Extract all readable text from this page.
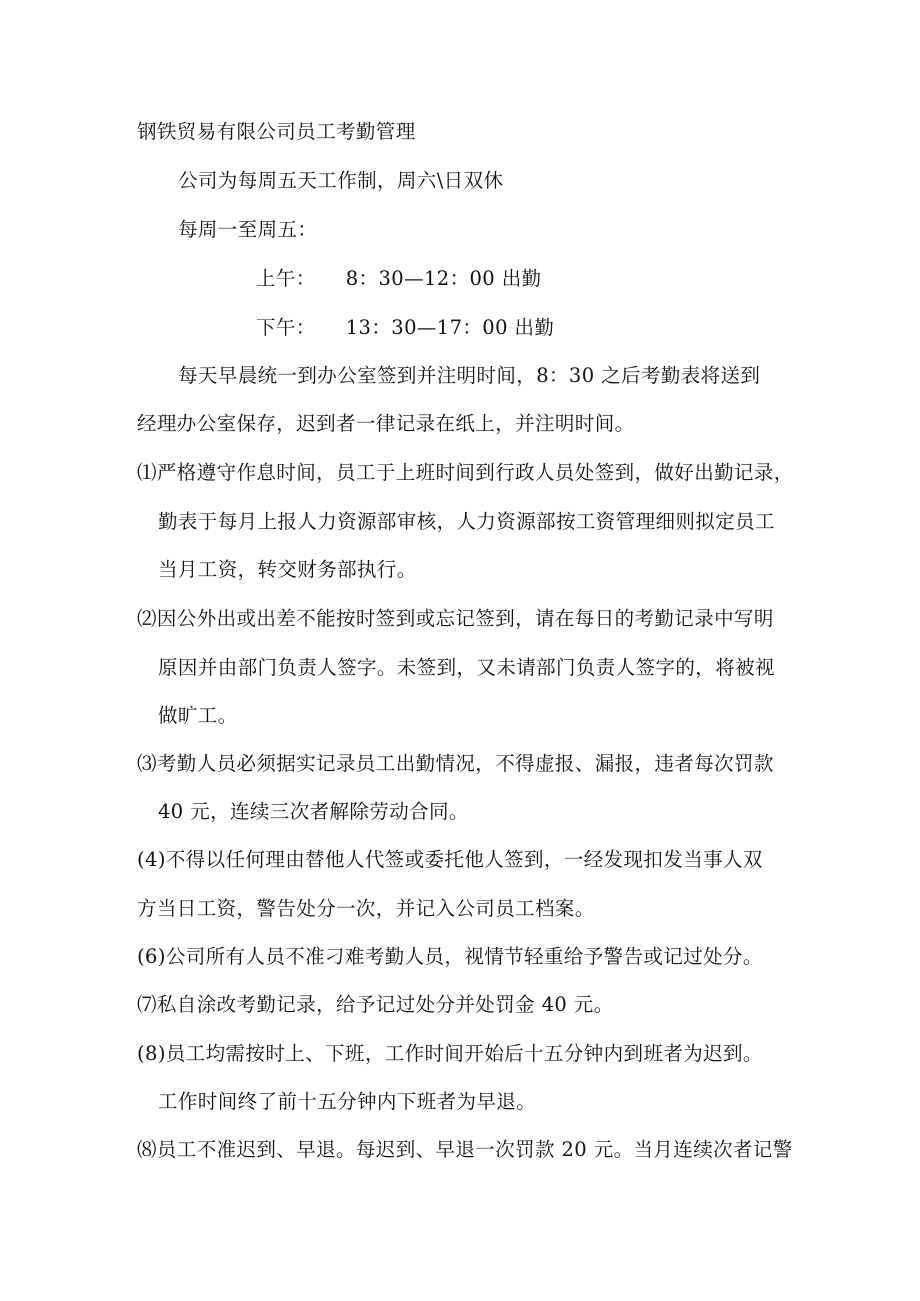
钢铁贸易有限公司员工考勤管理
公司为每周五天工作制，周六\日双休
每周一至周五：
上午：　　8：30—12：00 出勤
下午：　　13：30—17：00 出勤
每天早晨统一到办公室签到并注明时间，8：30 之后考勤表将送到
经理办公室保存，迟到者一律记录在纸上，并注明时间。
⑴严格遵守作息时间，员工于上班时间到行政人员处签到，做好出勤记录，
勤表于每月上报人力资源部审核，人力资源部按工资管理细则拟定员工
当月工资，转交财务部执行。
⑵因公外出或出差不能按时签到或忘记签到，请在每日的考勤记录中写明
原因并由部门负责人签字。未签到，又未请部门负责人签字的，将被视
做旷工。
⑶考勤人员必须据实记录员工出勤情况，不得虚报、漏报，违者每次罚款
40 元，连续三次者解除劳动合同。
(4)不得以任何理由替他人代签或委托他人签到，一经发现扣发当事人双
方当日工资，警告处分一次，并记入公司员工档案。
(6)公司所有人员不准刁难考勤人员，视情节轻重给予警告或记过处分。
⑺私自涂改考勤记录，给予记过处分并处罚金 40 元。
(8)员工均需按时上、下班，工作时间开始后十五分钟内到班者为迟到。
工作时间终了前十五分钟内下班者为早退。
⑻员工不准迟到、早退。每迟到、早退一次罚款 20 元。当月连续次者记警
